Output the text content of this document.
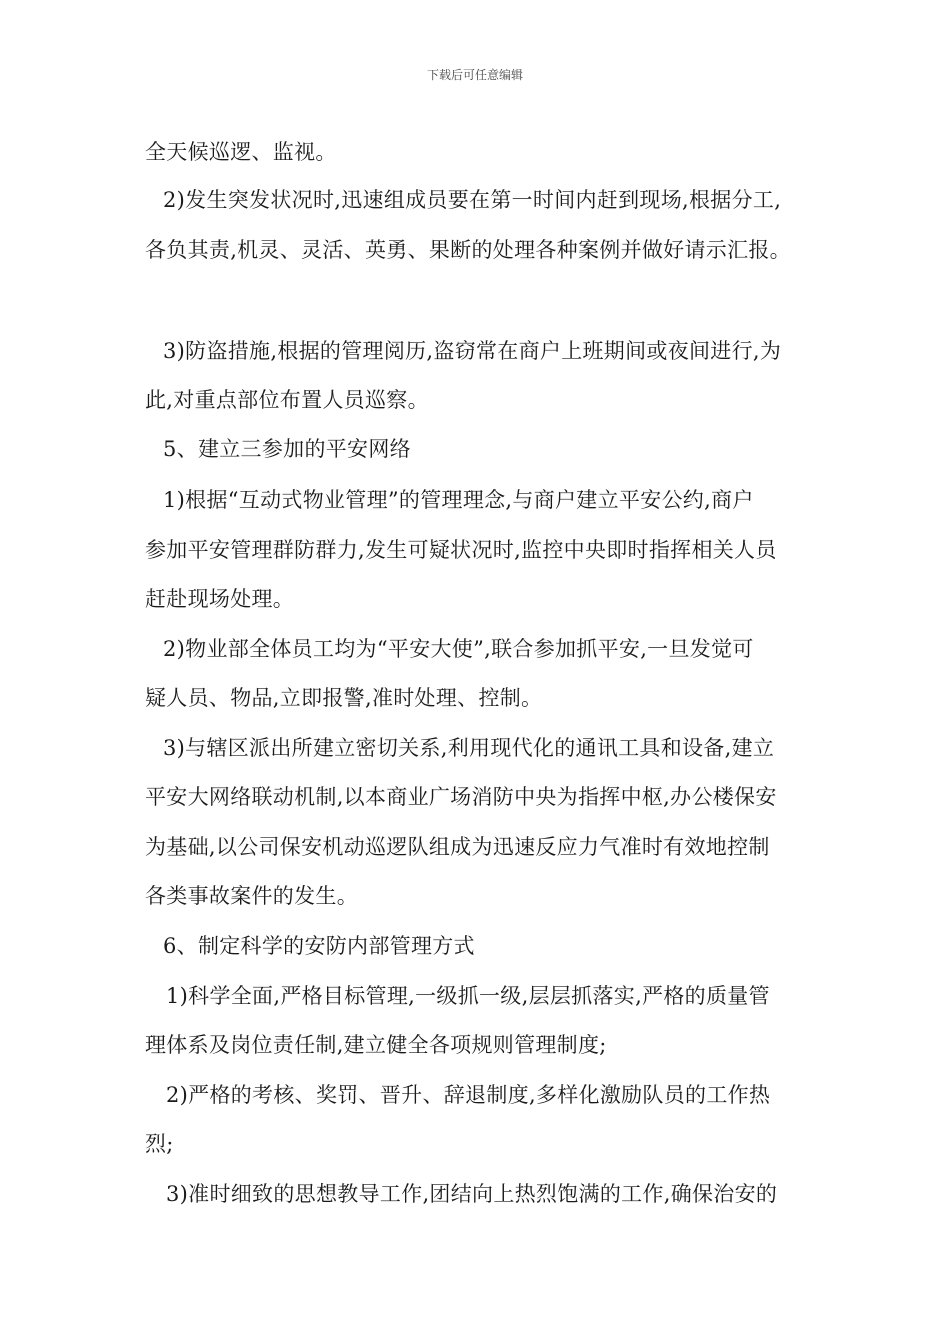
下载后可任意编辑
全天候巡逻、监视。
2)发生突发状况时,迅速组成员要在第一时间内赶到现场,根据分工,
各负其责,机灵、灵活、英勇、果断的处理各种案例并做好请示汇报。
3)防盗措施,根据的管理阅历,盗窃常在商户上班期间或夜间进行,为
此,对重点部位布置人员巡察。
5、建立三参加的平安网络
1)根据“互动式物业管理”的管理理念,与商户建立平安公约,商户
参加平安管理群防群力,发生可疑状况时,监控中央即时指挥相关人员
赶赴现场处理。
2)物业部全体员工均为“平安大使”,联合参加抓平安,一旦发觉可
疑人员、物品,立即报警,准时处理、控制。
3)与辖区派出所建立密切关系,利用现代化的通讯工具和设备,建立
平安大网络联动机制,以本商业广场消防中央为指挥中枢,办公楼保安
为基础,以公司保安机动巡逻队组成为迅速反应力气准时有效地控制
各类事故案件的发生。
6、制定科学的安防内部管理方式
1)科学全面,严格目标管理,一级抓一级,层层抓落实,严格的质量管
理体系及岗位责任制,建立健全各项规则管理制度;
2)严格的考核、奖罚、晋升、辞退制度,多样化激励队员的工作热
烈;
3)准时细致的思想教导工作,团结向上热烈饱满的工作,确保治安的
